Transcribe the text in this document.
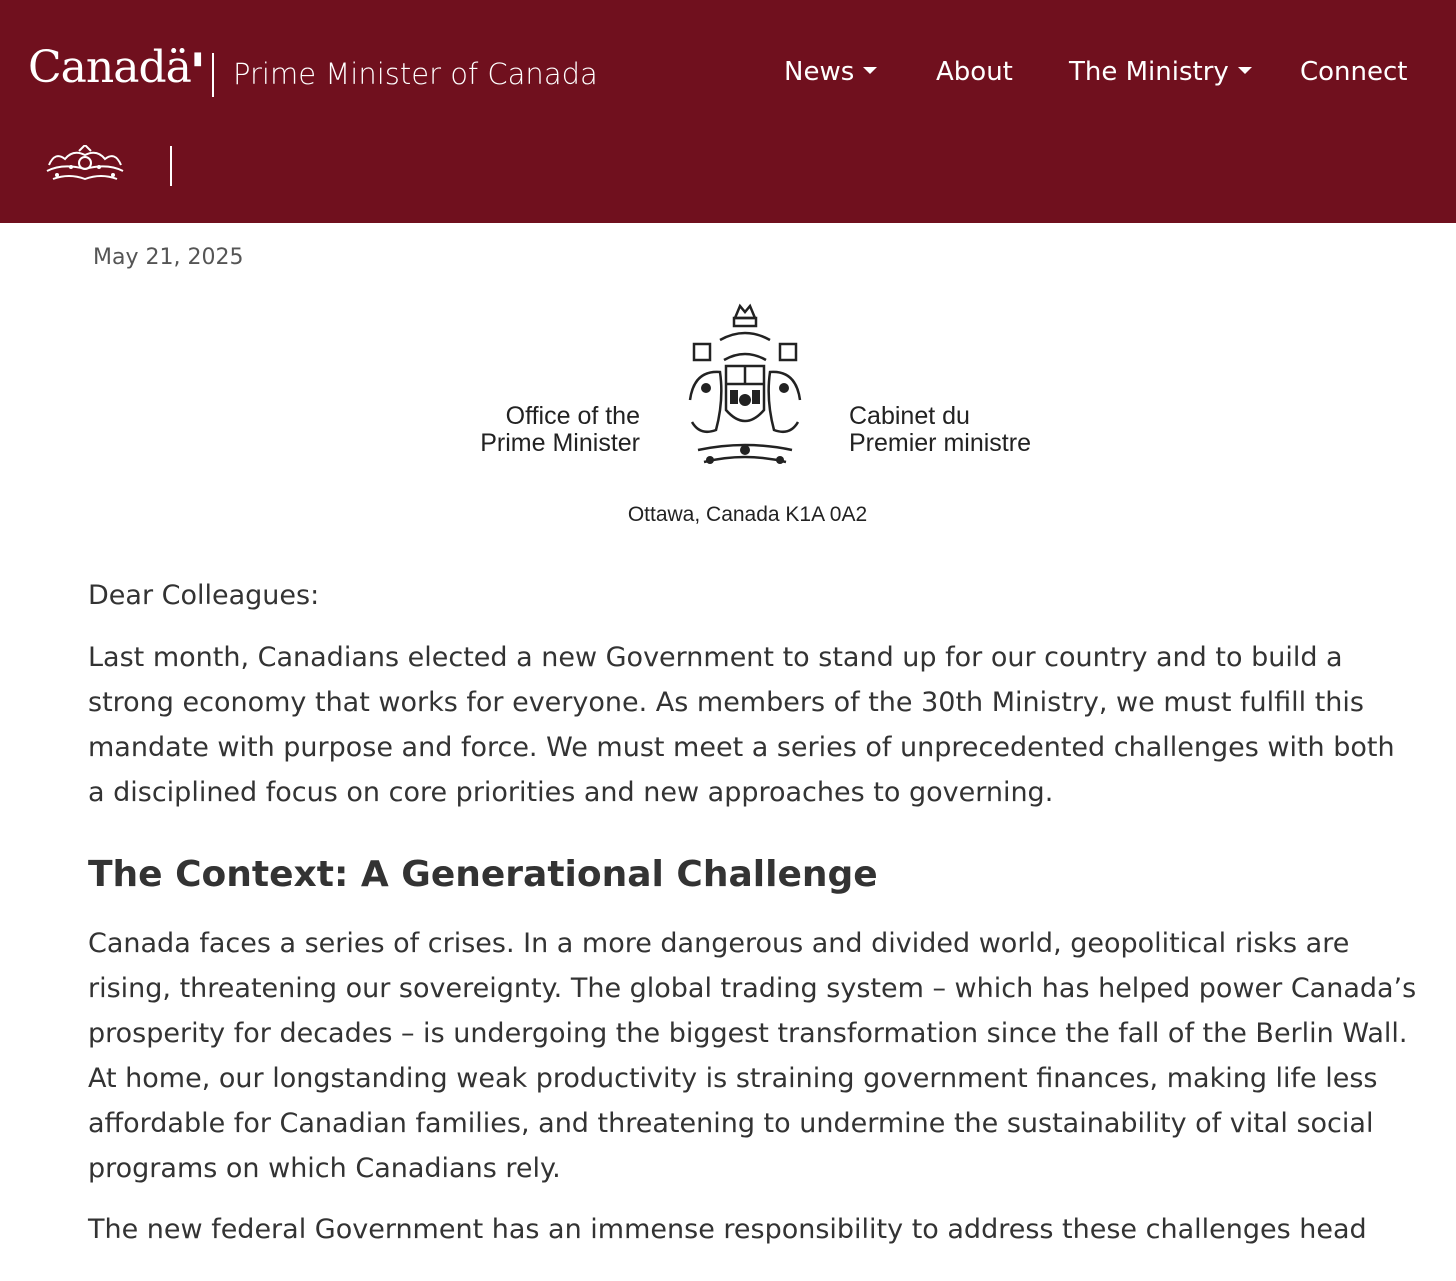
Canadä ▮ Prime Minister of Canada	News	About The Ministry	Connect
May 21, 2025
Office of the
Prime Minister
Cabinet du
Premier ministre
Ottawa, Canada K1A 0A2

Dear Colleagues:

Last month, Canadians elected a new Government to stand up for our country and to build a strong economy that works for everyone. As members of the 30th Ministry, we must fulfill this mandate with purpose and force. We must meet a series of unprecedented challenges with both a disciplined focus on core priorities and new approaches to governing.

The Context: A Generational Challenge

Canada faces a series of crises. In a more dangerous and divided world, geopolitical risks are rising, threatening our sovereignty. The global trading system – which has helped power Canada’s prosperity for decades – is undergoing the biggest transformation since the fall of the Berlin Wall. At home, our longstanding weak productivity is straining government finances, making life less affordable for Canadian families, and threatening to undermine the sustainability of vital social programs on which Canadians rely.

The new federal Government has an immense responsibility to address these challenges head
